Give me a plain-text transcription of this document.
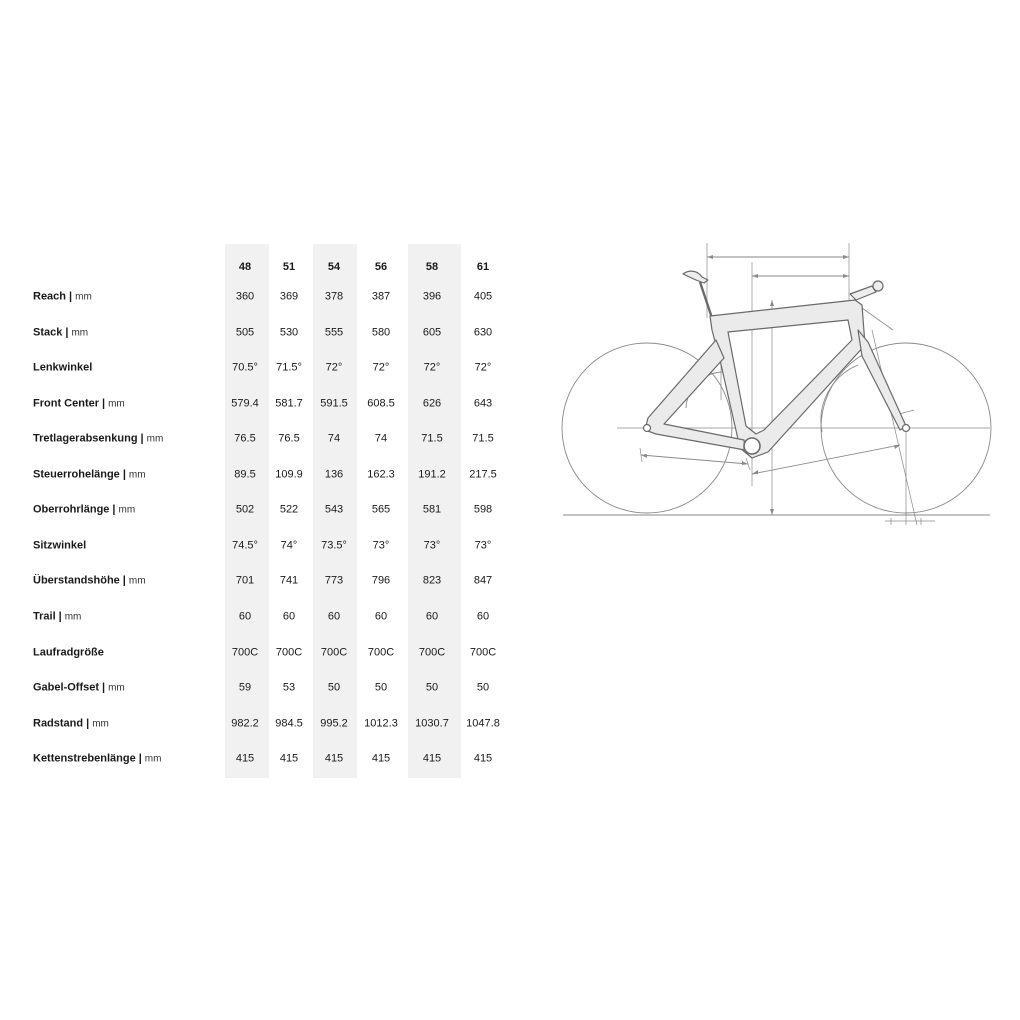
48	51	54	56	58	61
Reach | mm	360 369 378	387	396	405
Stack | mm	505 530 555	580	605	630
Lenkwinkel	70.5° 71.5° 72°	72°	72°	72°
Front Center | mm	579.4 581.7 591.5 608.5	626	643
Tretlagerabsenkung | mm	76.5 76.5	74	74	71.5	71.5
Steuerrohelänge | mm	89.5 109.9 136 162.3 191.2 217.5
Oberrohrlänge | mm	502 522 543	565	581	598
Sitzwinkel	74.5° 74° 73.5° 73°	73°	73°
Überstandshöhe | mm	701 741 773	796	823	847
Trail | mm	60	60	60	60	60	60
Laufradgröße	700C 700C 700C 700C 700C 700C
Gabel-Offset | mm	59	53	50	50	50	50
Radstand | mm	982.2 984.5 995.2 1012.3 1030.7 1047.8
Kettenstrebenlänge | mm	415 415 415	415	415	415
